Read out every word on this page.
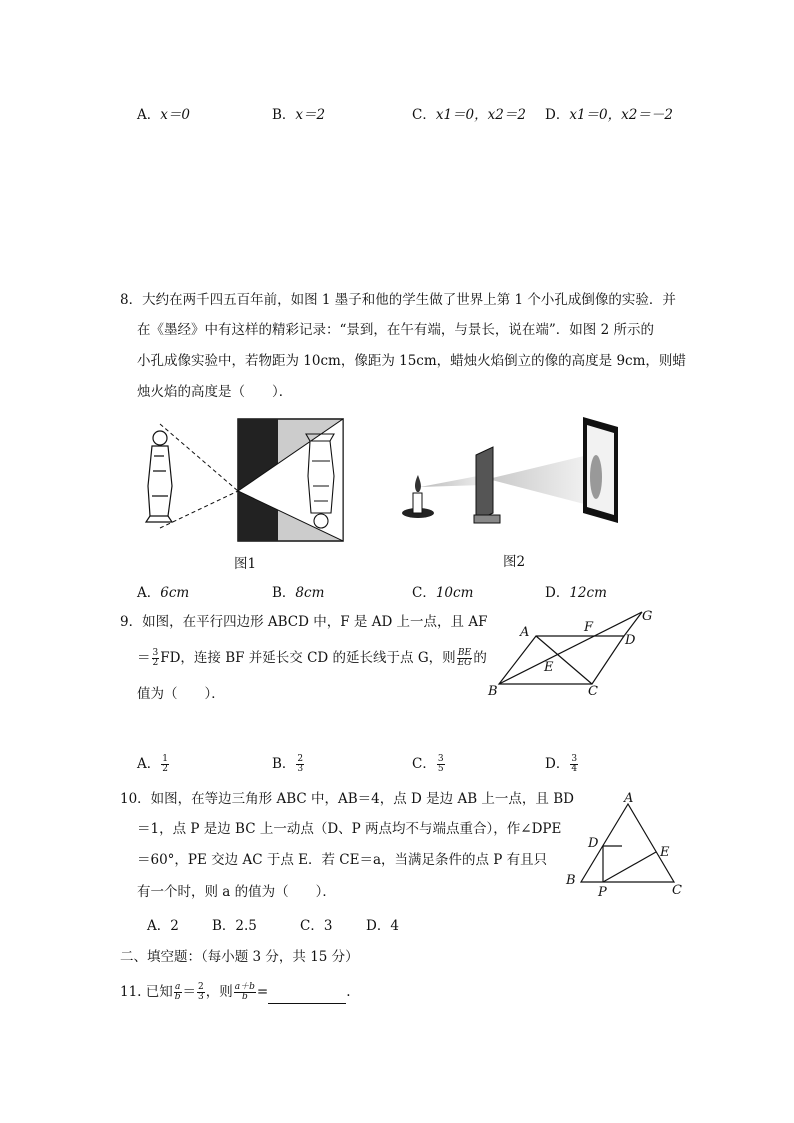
A．x＝0	B．x＝2	C．x1＝0，x2＝2 D．x1＝0，x2＝－2
8．大约在两千四五百年前，如图 1 墨子和他的学生做了世界上第 1 个小孔成倒像的实验．并
在《墨经》中有这样的精彩记录：“景到，在午有端，与景长，说在端”．如图 2 所示的
小孔成像实验中，若物距为 10cm，像距为 15cm，蜡烛火焰倒立的像的高度是 9cm，则蜡
烛火焰的高度是（　　）．
图1	图2
A．6cm	B．8cm	C．10cm	D．12cm
9．如图，在平行四边形 ABCD 中，F 是 AD 上一点，且 AF
＝ $\frac{3}{2}$ FD，连接 BF 并延长交 CD 的延长线于点 G，则 $\frac{BE}{EG}$ 的
值为（　　）．
A	F
D
G
E
B	C
A． $\frac{1}{2}$	B． $\frac{2}{3}$	C． $\frac{3}{5}$	D． $\frac{3}{4}$
10．如图，在等边三角形 ABC 中，AB＝4，点 D 是边 AB 上一点，且 BD
＝1，点 P 是边 BC 上一动点（D、P 两点均不与端点重合），作∠DPE
＝60°，PE 交边 AC 于点 E．若 CE＝a，当满足条件的点 P 有且只
有一个时，则 a 的值为（　　）．
A
D
E
B
P	C
A．2 B．2.5	C．3 D．4
二、填空题：（每小题 3 分，共 15 分）
11. 已知 $\frac{a}{b} = \frac{2}{3}$ ，则 $\frac{a+b}{b}$ =	.
